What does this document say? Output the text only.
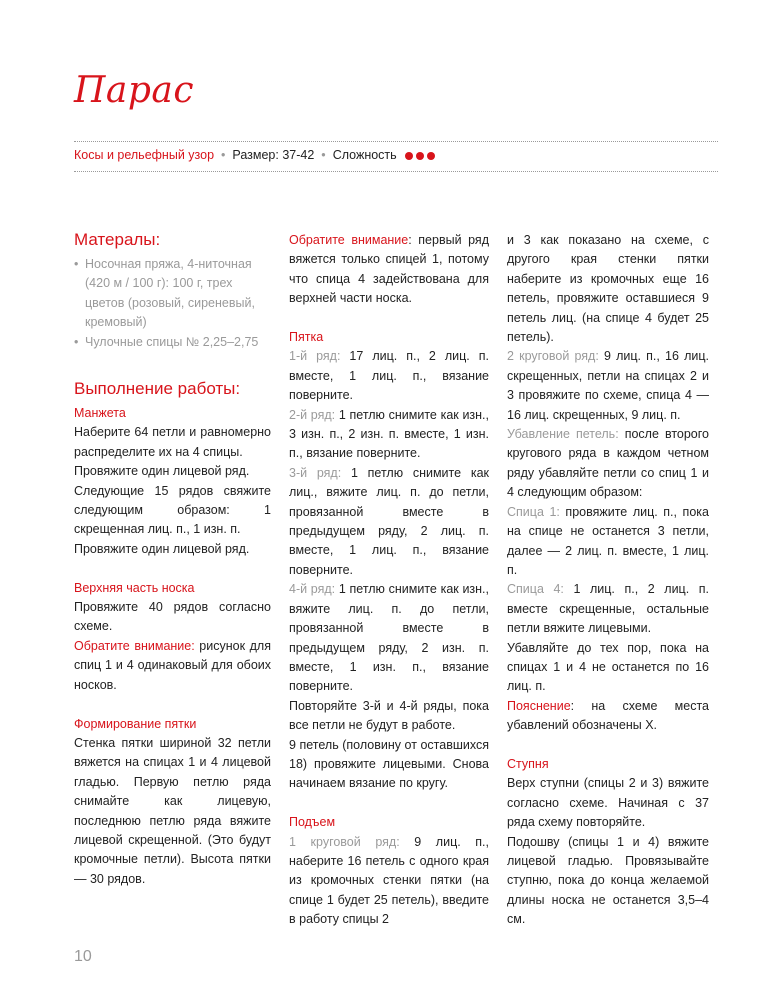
Парас
Косы и рельефный узор • Размер: 37-42 • Сложность
Матерaлы:
• Носочная пряжа, 4-ниточная (420 м / 100 г): 100 г, трех цветов (розовый, сиреневый, кремовый)
• Чулочные спицы № 2,25–2,75
Выполнение работы:
Манжета

Наберите 64 петли и равномерно распределите их на 4 спицы.

Провяжите один лицевой ряд.

Следующие 15 рядов свяжите следующим образом: 1 скрещенная лиц. п., 1 изн. п.

Провяжите один лицевой ряд.

Верхняя часть носка

Провяжите 40 рядов согласно схеме.

Обратите внимание: рисунок для спиц 1 и 4 одинаковый для обоих носков.

Формирование пятки

Стенка пятки шириной 32 петли вяжется на спицах 1 и 4 лицевой гладью. Первую петлю ряда снимайте как лицевую, последнюю петлю ряда вяжите лицевой скрещенной. (Это будут кромочные петли). Высота пятки — 30 рядов.

Обратите внимание: первый ряд вяжется только спицей 1, потому что спица 4 задействована для верхней части носка.

Пятка

1-й ряд: 17 лиц. п., 2 лиц. п. вместе, 1 лиц. п., вязание поверните.

2-й ряд: 1 петлю снимите как изн., 3 изн. п., 2 изн. п. вместе, 1 изн. п., вязание поверните.

3-й ряд: 1 петлю снимите как лиц., вяжите лиц. п. до петли, провязанной вместе в предыдущем ряду, 2 лиц. п. вместе, 1 лиц. п., вязание поверните.

4-й ряд: 1 петлю снимите как изн., вяжите лиц. п. до петли, провязанной вместе в предыдущем ряду, 2 изн. п. вместе, 1 изн. п., вязание поверните.

Повторяйте 3-й и 4-й ряды, пока все петли не будут в работе.

9 петель (половину от оставшихся 18) провяжите лицевыми. Снова начинаем вязание по кругу.

Подъем

1 круговой ряд: 9 лиц. п., наберите 16 петель с одного края из кромочных стенки пятки (на спице 1 будет 25 петель), введите в работу спицы 2

и 3 как показано на схеме, с другого края стенки пятки наберите из кромочных еще 16 петель, провяжите оставшиеся 9 петель лиц. (на спице 4 будет 25 петель).

2 круговой ряд: 9 лиц. п., 16 лиц. скрещенных, петли на спицах 2 и 3 провяжите по схеме, спица 4 — 16 лиц. скрещенных, 9 лиц. п.

Убавление петель: после второго кругового ряда в каждом четном ряду убавляйте петли со спиц 1 и 4 следующим образом:

Спица 1: провяжите лиц. п., пока на спице не останется 3 петли, далее — 2 лиц. п. вместе, 1 лиц. п.

Спица 4: 1 лиц. п., 2 лиц. п. вместе скрещенные, остальные петли вяжите лицевыми.

Убавляйте до тех пор, пока на спицах 1 и 4 не останется по 16 лиц. п.

Пояснение: на схеме места убавлений обозначены Х.

Ступня

Верх ступни (спицы 2 и 3) вяжите согласно схеме. Начиная с 37 ряда схему повторяйте.

Подошву (спицы 1 и 4) вяжите лицевой гладью. Провязывайте ступню, пока до конца желаемой длины носка не останется 3,5–4 см.

10
